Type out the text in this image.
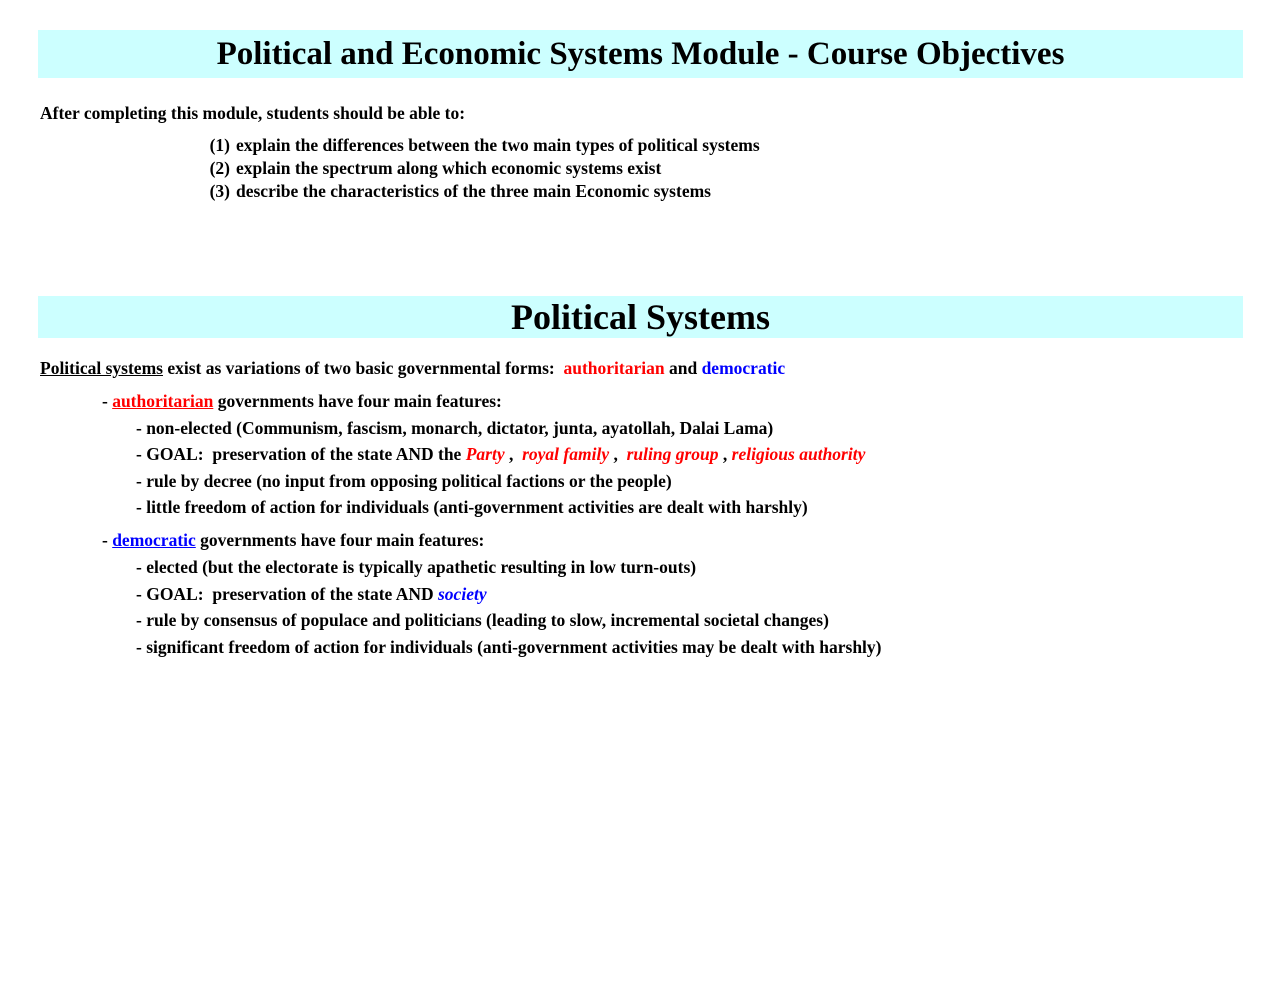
Political and Economic Systems Module - Course Objectives
After completing this module, students should be able to:
(1) explain the differences between the two main types of political systems
(2) explain the spectrum along which economic systems exist
(3) describe the characteristics of the three main Economic systems
Political Systems
Political systems exist as variations of two basic governmental forms:  authoritarian and democratic
- authoritarian governments have four main features:
- non-elected (Communism, fascism, monarch, dictator, junta, ayatollah, Dalai Lama)
- GOAL:  preservation of the state AND the Party ,  royal family ,  ruling group , religious authority
- rule by decree (no input from opposing political factions or the people)
- little freedom of action for individuals (anti-government activities are dealt with harshly)
- democratic governments have four main features:
- elected (but the electorate is typically apathetic resulting in low turn-outs)
- GOAL:  preservation of the state AND society
- rule by consensus of populace and politicians (leading to slow, incremental societal changes)
- significant freedom of action for individuals (anti-government activities may be dealt with harshly)
